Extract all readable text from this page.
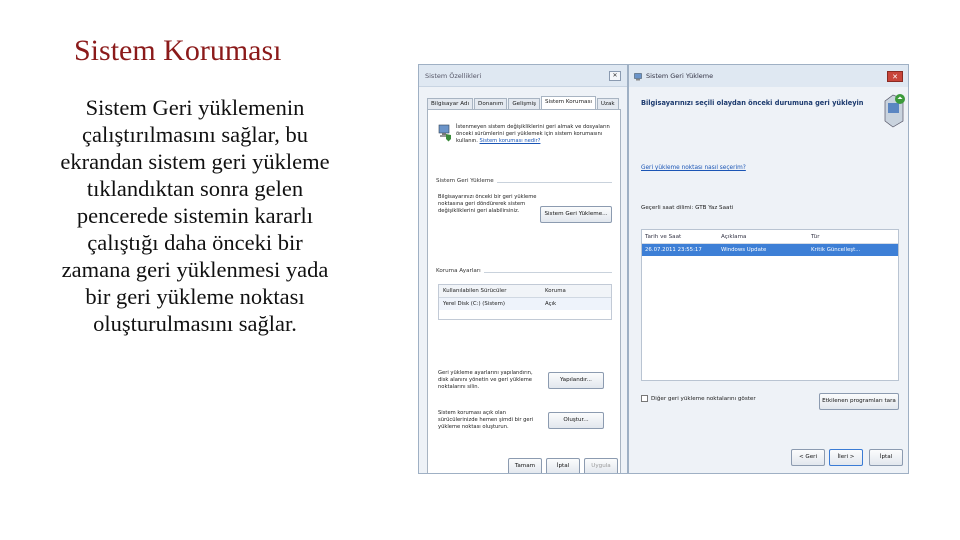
Sistem Koruması
Sistem Geri yüklemenin çalıştırılmasını sağlar, bu ekrandan sistem geri yükleme tıklandıktan sonra gelen pencerede sistemin kararlı çalıştığı daha önceki bir zamana geri yüklenmesi yada bir geri yükleme noktası oluşturulmasını sağlar.
Sistem Özellikleri	✕
Bilgisayar Adı	Donanım	Gelişmiş	Sistem Koruması	Uzak
İstenmeyen sistem değişikliklerini geri almak ve dosyaların önceki sürümlerini geri yüklemek için sistem korumasını kullanın. Sistem koruması nedir?
Sistem Geri Yükleme
Bilgisayarınızı önceki bir geri yükleme noktasına geri döndürerek sistem değişikliklerini geri alabilirsiniz.	Sistem Geri Yükleme...
Koruma Ayarları
Kullanılabilen Sürücüler	Koruma
Yerel Disk (C:) (Sistem)	Açık
Geri yükleme ayarlarını yapılandırın, disk alanını yönetin ve geri yükleme noktalarını silin.
Yapılandır...
Sistem koruması açık olan sürücülerinizde hemen şimdi bir geri yükleme noktası oluşturun.
Oluştur...
Tamam	İptal	Uygula
Sistem Geri Yükleme	✕
Bilgisayarınızı seçili olaydan önceki durumuna geri yükleyin
Geri yükleme noktası nasıl seçerim?
Geçerli saat dilimi: GTB Yaz Saati
Tarih ve Saat	Açıklama	Tür
26.07.2011 23:55:17	Windows Update	Kritik Güncelleşt...
Diğer geri yükleme noktalarını göster	Etkilenen programları tara
< Geri	İleri >	İptal
